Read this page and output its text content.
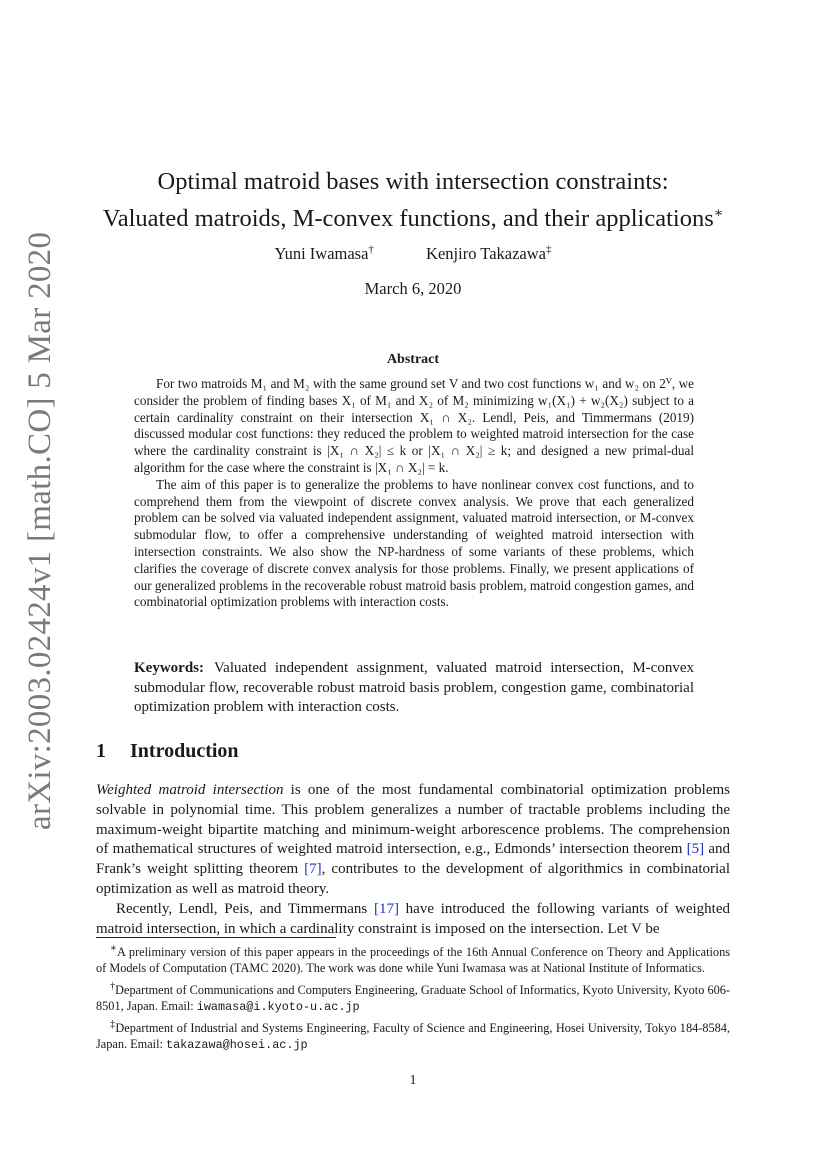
arXiv:2003.02424v1 [math.CO] 5 Mar 2020
Optimal matroid bases with intersection constraints:
Valuated matroids, M-convex functions, and their applications∗
Yuni Iwamasa†	Kenjiro Takazawa‡
March 6, 2020
Abstract

For two matroids M₁ and M₂ with the same ground set V and two cost functions w₁ and w₂ on 2ⱽ, we consider the problem of finding bases X₁ of M₁ and X₂ of M₂ minimizing w₁(X₁) + w₂(X₂) subject to a certain cardinality constraint on their intersection X₁ ∩ X₂. Lendl, Peis, and Timmermans (2019) discussed modular cost functions: they reduced the problem to weighted matroid intersection for the case where the cardinality constraint is |X₁ ∩ X₂| ≤ k or |X₁ ∩ X₂| ≥ k; and designed a new primal-dual algorithm for the case where the constraint is |X₁ ∩ X₂| = k.

The aim of this paper is to generalize the problems to have nonlinear convex cost functions, and to comprehend them from the viewpoint of discrete convex analysis. We prove that each generalized problem can be solved via valuated independent assignment, valuated matroid intersection, or M-convex submodular flow, to offer a comprehensive understanding of weighted matroid intersection with intersection constraints. We also show the NP-hardness of some variants of these problems, which clarifies the coverage of discrete convex analysis for those problems. Finally, we present applications of our generalized problems in the recoverable robust matroid basis problem, matroid congestion games, and combinatorial optimization problems with interaction costs.

Keywords: Valuated independent assignment, valuated matroid intersection, M-convex submodular flow, recoverable robust matroid basis problem, congestion game, combinatorial optimization problem with interaction costs.
1 Introduction

Weighted matroid intersection is one of the most fundamental combinatorial optimization problems solvable in polynomial time. This problem generalizes a number of tractable problems including the maximum-weight bipartite matching and minimum-weight arborescence problems. The comprehension of mathematical structures of weighted matroid intersection, e.g., Edmonds’ intersection theorem [5] and Frank’s weight splitting theorem [7], contributes to the development of algorithmics in combinatorial optimization as well as matroid theory.

Recently, Lendl, Peis, and Timmermans [17] have introduced the following variants of weighted matroid intersection, in which a cardinality constraint is imposed on the intersection. Let V be

∗A preliminary version of this paper appears in the proceedings of the 16th Annual Conference on Theory and Applications of Models of Computation (TAMC 2020). The work was done while Yuni Iwamasa was at National Institute of Informatics.

†Department of Communications and Computers Engineering, Graduate School of Informatics, Kyoto University, Kyoto 606-8501, Japan. Email: iwamasa@i.kyoto-u.ac.jp

‡Department of Industrial and Systems Engineering, Faculty of Science and Engineering, Hosei University, Tokyo 184-8584, Japan. Email: takazawa@hosei.ac.jp

1
